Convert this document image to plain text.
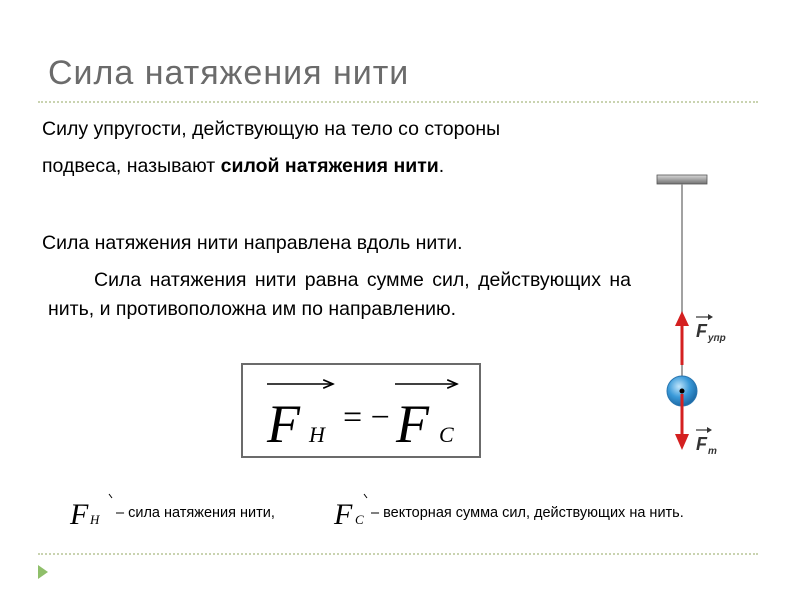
Сила натяжения нити
Силу упругости, действующую на тело со стороны
подвеса, называют силой натяжения нити.
Сила натяжения нити направлена вдоль нити.
Сила натяжения нити равна сумме сил, действующих на нить, и противоположна им по направлению.
F Н = − F С
F Н	F С
– сила натяжения нити,	– векторная сумма сил, действующих на нить.
F упр
F т
